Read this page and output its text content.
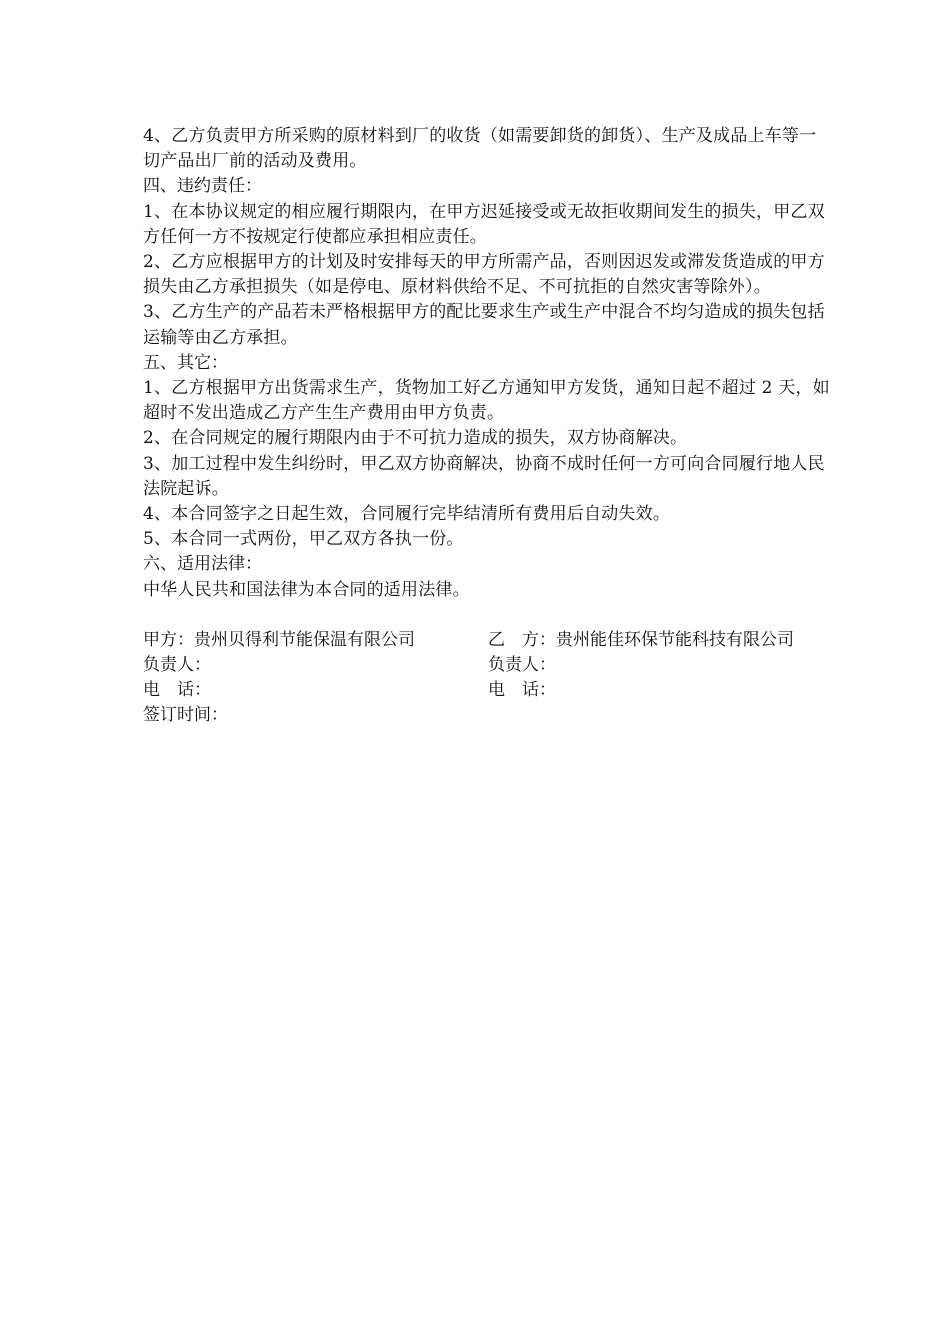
4、乙方负责甲方所采购的原材料到厂的收货（如需要卸货的卸货）、生产及成品上车等一切产品出厂前的活动及费用。

四、违约责任：

1、在本协议规定的相应履行期限内，在甲方迟延接受或无故拒收期间发生的损失，甲乙双方任何一方不按规定行使都应承担相应责任。

2、乙方应根据甲方的计划及时安排每天的甲方所需产品，否则因迟发或滞发货造成的甲方损失由乙方承担损失（如是停电、原材料供给不足、不可抗拒的自然灾害等除外）。

3、乙方生产的产品若未严格根据甲方的配比要求生产或生产中混合不均匀造成的损失包括运输等由乙方承担。

五、其它：

1、乙方根据甲方出货需求生产，货物加工好乙方通知甲方发货，通知日起不超过 2 天，如超时不发出造成乙方产生生产费用由甲方负责。

2、在合同规定的履行期限内由于不可抗力造成的损失，双方协商解决。

3、加工过程中发生纠纷时，甲乙双方协商解决，协商不成时任何一方可向合同履行地人民法院起诉。

4、本合同签字之日起生效，合同履行完毕结清所有费用后自动失效。

5、本合同一式两份，甲乙双方各执一份。

六、适用法律：

中华人民共和国法律为本合同的适用法律。

甲方：贵州贝得利节能保温有限公司	乙　方：贵州能佳环保节能科技有限公司
负责人：	负责人：
电　话：	电　话：
签订时间：
